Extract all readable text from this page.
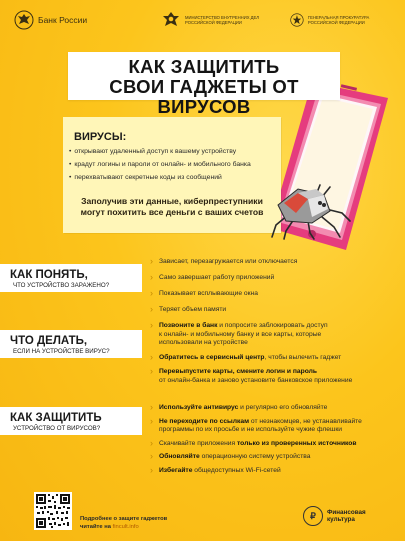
Банк России	МИНИСТЕРСТВО ВНУТРЕННИХ ДЕЛ РОССИЙСКОЙ ФЕДЕРАЦИИ
ГЕНЕРАЛЬНАЯ ПРОКУРАТУРА РОССИЙСКОЙ ФЕДЕРАЦИИ
КАК ЗАЩИТИТЬ
СВОИ ГАДЖЕТЫ ОТ ВИРУСОВ
ВИРУСЫ:
• открывают удаленный доступ к вашему устройству
• крадут логины и пароли от онлайн- и мобильного банка
• перехватывают секретные коды из сообщений
Заполучив эти данные, киберпреступники
могут похитить все деньги с ваших счетов
КАК ПОНЯТЬ,
ЧТО УСТРОЙСТВО ЗАРАЖЕНО?
› Зависает, перезагружается или отключается
› Само завершает работу приложений
› Показывает всплывающие окна
› Теряет объем памяти
ЧТО ДЕЛАТЬ,
ЕСЛИ НА УСТРОЙСТВЕ ВИРУС?
› Позвоните в банк и попросите заблокировать доступ
к онлайн- и мобильному банку и все карты, которые
использовали на устройстве
› Обратитесь в сервисный центр, чтобы вылечить гаджет
› Перевыпустите карты, смените логин и пароль
от онлайн-банка и заново установите банковское приложение
КАК ЗАЩИТИТЬ
УСТРОЙСТВО ОТ ВИРУСОВ?
› Используйте антивирус и регулярно его обновляйте
› Не переходите по ссылкам от незнакомцев, не устанавливайте
программы по их просьбе и не используйте чужие флешки
› Скачивайте приложения только из проверенных источников
› Обновляйте операционную систему устройства
› Избегайте общедоступных Wi-Fi-сетей
Подробнее о защите гаджетов
читайте на fincult.info
₽	Финансовая
культура
